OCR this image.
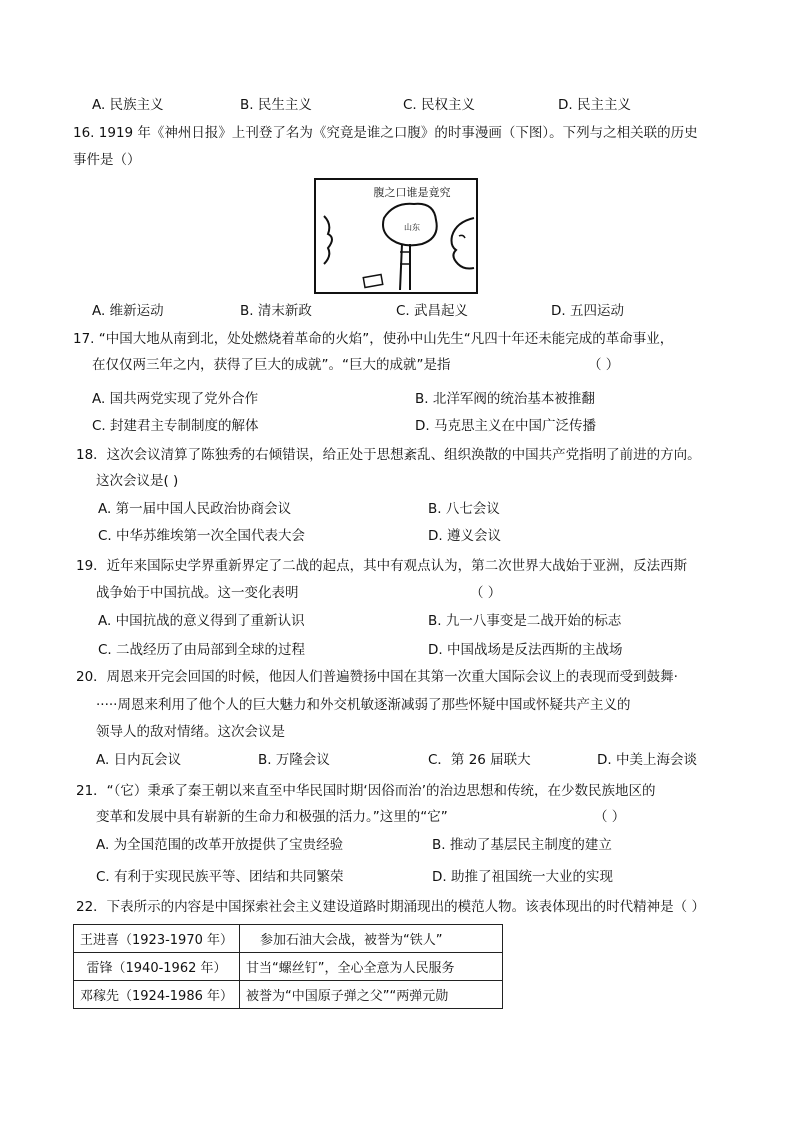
A. 民族主义	B. 民生主义	C. 民权主义	D. 民主主义
16. 1919 年《神州日报》上刊登了名为《究竟是谁之口腹》的时事漫画（下图）。下列与之相关联的历史
事件是（）
腹之口谁是竟究
山东
A. 维新运动	B. 清末新政	C. 武昌起义	D. 五四运动
17. “中国大地从南到北，处处燃烧着革命的火焰”，使孙中山先生“凡四十年还未能完成的革命事业，
在仅仅两三年之内，获得了巨大的成就”。“巨大的成就”是指	（ ）
A. 国共两党实现了党外合作	B. 北洋军阀的统治基本被推翻
C. 封建君主专制制度的解体	D. 马克思主义在中国广泛传播
18．这次会议清算了陈独秀的右倾错误，给正处于思想紊乱、组织涣散的中国共产党指明了前进的方向。
这次会议是( )
A. 第一届中国人民政治协商会议	B. 八七会议
C. 中华苏维埃第一次全国代表大会	D. 遵义会议
19．近年来国际史学界重新界定了二战的起点，其中有观点认为，第二次世界大战始于亚洲，反法西斯
战争始于中国抗战。这一变化表明	（ ）
A. 中国抗战的意义得到了重新认识	B. 九一八事变是二战开始的标志
C. 二战经历了由局部到全球的过程	D. 中国战场是反法西斯的主战场
20．周恩来开完会回国的时候，他因人们普遍赞扬中国在其第一次重大国际会议上的表现而受到鼓舞·
·····周恩来利用了他个人的巨大魅力和外交机敏逐渐减弱了那些怀疑中国或怀疑共产主义的
领导人的敌对情绪。这次会议是
A. 日内瓦会议	B. 万隆会议	C．第 26 届联大	D. 中美上海会谈
21．“（它）秉承了秦王朝以来直至中华民国时期‘因俗而治’的治边思想和传统，在少数民族地区的
变革和发展中具有崭新的生命力和极强的活力。”这里的“它”	（ ）
A. 为全国范围的改革开放提供了宝贵经验	B. 推动了基层民主制度的建立
C. 有利于实现民族平等、团结和共同繁荣	D. 助推了祖国统一大业的实现
22．下表所示的内容是中国探索社会主义建设道路时期涌现出的模范人物。该表体现出的时代精神是（ ）
王进喜（1923-1970 年）	参加石油大会战，被誉为“铁人”
雷锋（1940-1962 年）	甘当“螺丝钉”，全心全意为人民服务
邓稼先（1924-1986 年）	被誉为“中国原子弹之父”“两弹元勋
